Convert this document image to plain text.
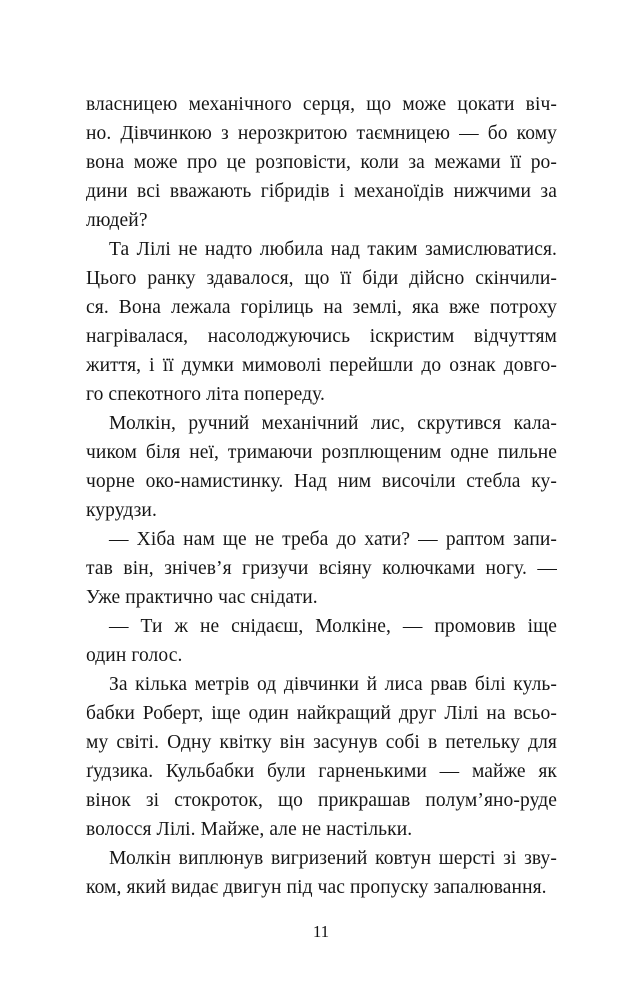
власницею механічного серця, що може цокати віч-
но. Дівчинкою з нерозкритою таємницею — бо кому
вона може про це розповісти, коли за межами її ро-
дини всі вважають гібридів і механоїдів нижчими за
людей?

Та Лілі не надто любила над таким замислюватися.
Цього ранку здавалося, що її біди дійсно скінчили-
ся. Вона лежала горілиць на землі, яка вже потроху
нагрівалася, насолоджуючись іскристим відчуттям
життя, і її думки мимоволі перейшли до ознак довго-
го спекотного літа попереду.

Молкін, ручний механічний лис, скрутився кала-
чиком біля неї, тримаючи розплющеним одне пильне
чорне око-намистинку. Над ним височіли стебла ку-
курудзи.

— Хіба нам ще не треба до хати? — раптом запи-
тав він, знічев’я гризучи всіяну колючками ногу. —
Уже практично час снідати.

— Ти ж не снідаєш, Молкіне, — промовив іще
один голос.

За кілька метрів од дівчинки й лиса рвав білі куль-
бабки Роберт, іще один найкращий друг Лілі на всьо-
му світі. Одну квітку він засунув собі в петельку для
ґудзика. Кульбабки були гарненькими — майже як
вінок зі стокроток, що прикрашав полум’яно-руде
волосся Лілі. Майже, але не настільки.

Молкін виплюнув вигризений ковтун шерсті зі зву-
ком, який видає двигун під час пропуску запалювання.

11
